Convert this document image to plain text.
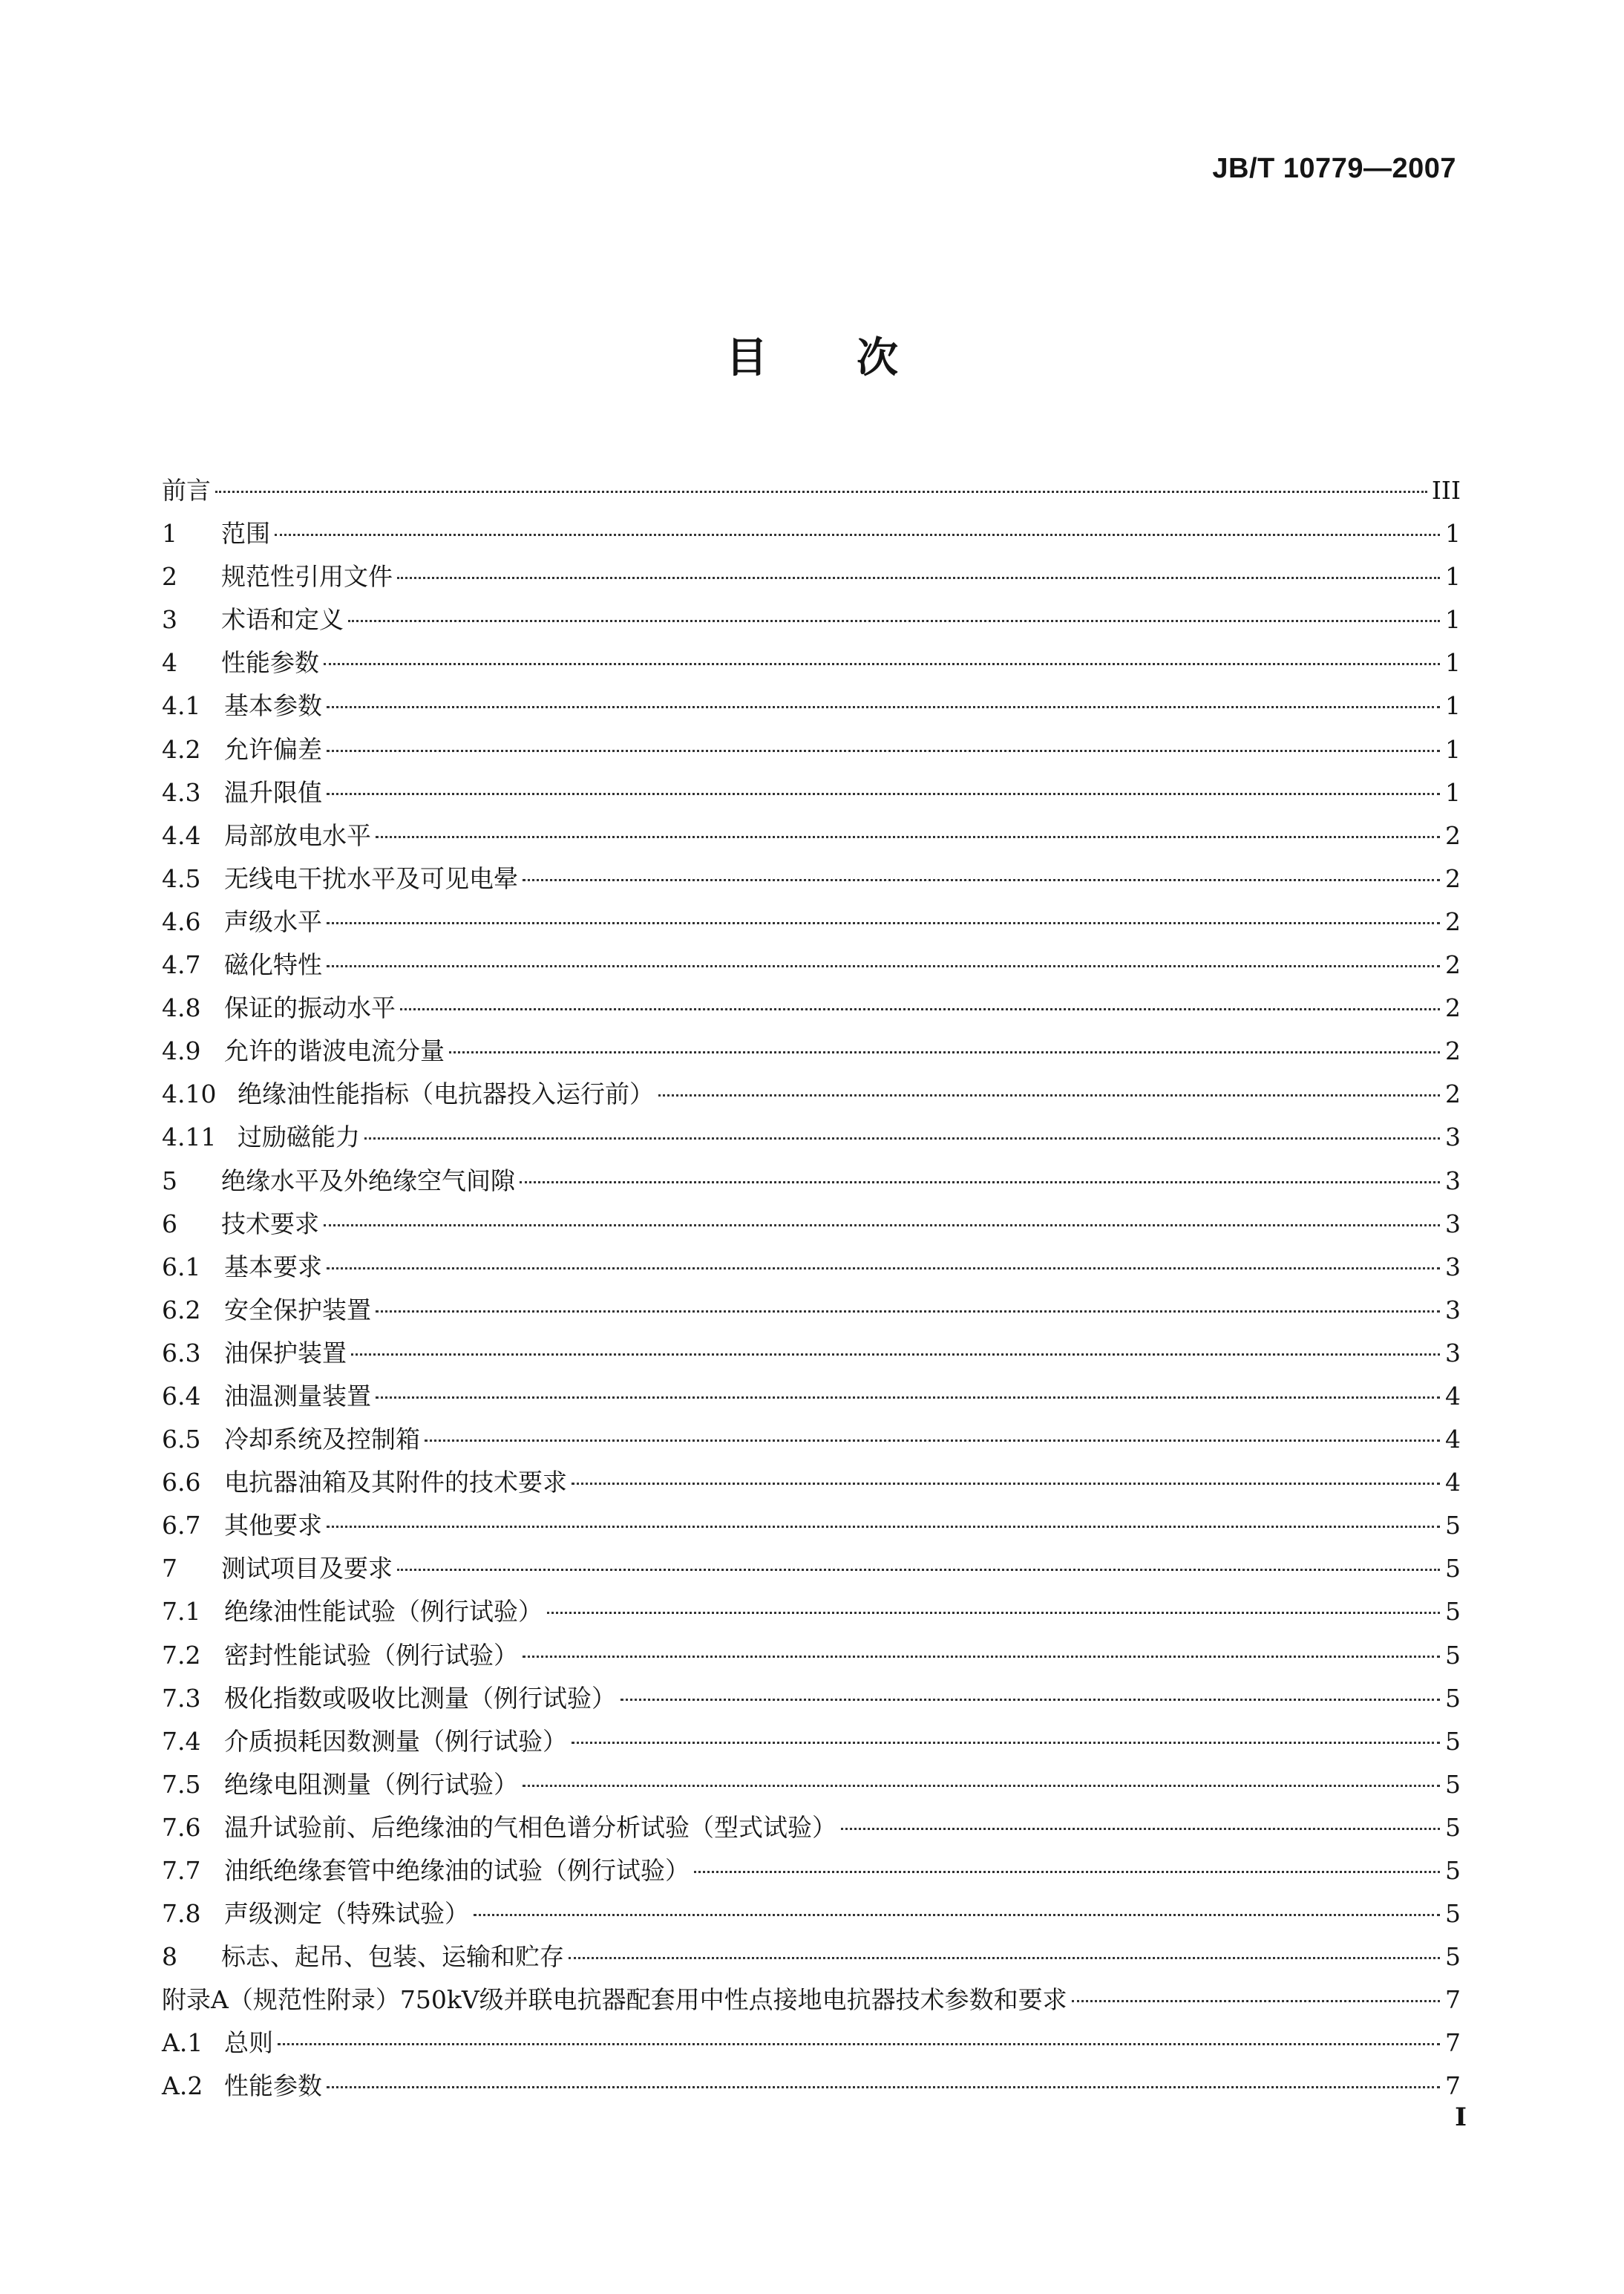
JB/T 10779—2007
目次
前言	III
1	范围	1
2	规范性引用文件	1
3	术语和定义	1
4	性能参数	1
4.1 基本参数	1
4.2 允许偏差	1
4.3 温升限值	1
4.4 局部放电水平	2
4.5 无线电干扰水平及可见电晕	2
4.6 声级水平	2
4.7 磁化特性	2
4.8 保证的振动水平	2
4.9 允许的谐波电流分量	2
4.10 绝缘油性能指标（电抗器投入运行前）	2
4.11 过励磁能力	3
5	绝缘水平及外绝缘空气间隙	3
6	技术要求	3
6.1 基本要求	3
6.2 安全保护装置	3
6.3 油保护装置	3
6.4 油温测量装置	4
6.5 冷却系统及控制箱	4
6.6 电抗器油箱及其附件的技术要求	4
6.7 其他要求	5
7	测试项目及要求	5
7.1 绝缘油性能试验（例行试验）	5
7.2 密封性能试验（例行试验）	5
7.3 极化指数或吸收比测量（例行试验）	5
7.4 介质损耗因数测量（例行试验）	5
7.5 绝缘电阻测量（例行试验）	5
7.6 温升试验前、后绝缘油的气相色谱分析试验（型式试验）	5
7.7 油纸绝缘套管中绝缘油的试验（例行试验）	5
7.8 声级测定（特殊试验）	5
8	标志、起吊、包装、运输和贮存	5
附录A（规范性附录）750kV级并联电抗器配套用中性点接地电抗器技术参数和要求	7
A.1 总则	7
A.2 性能参数	7
I
